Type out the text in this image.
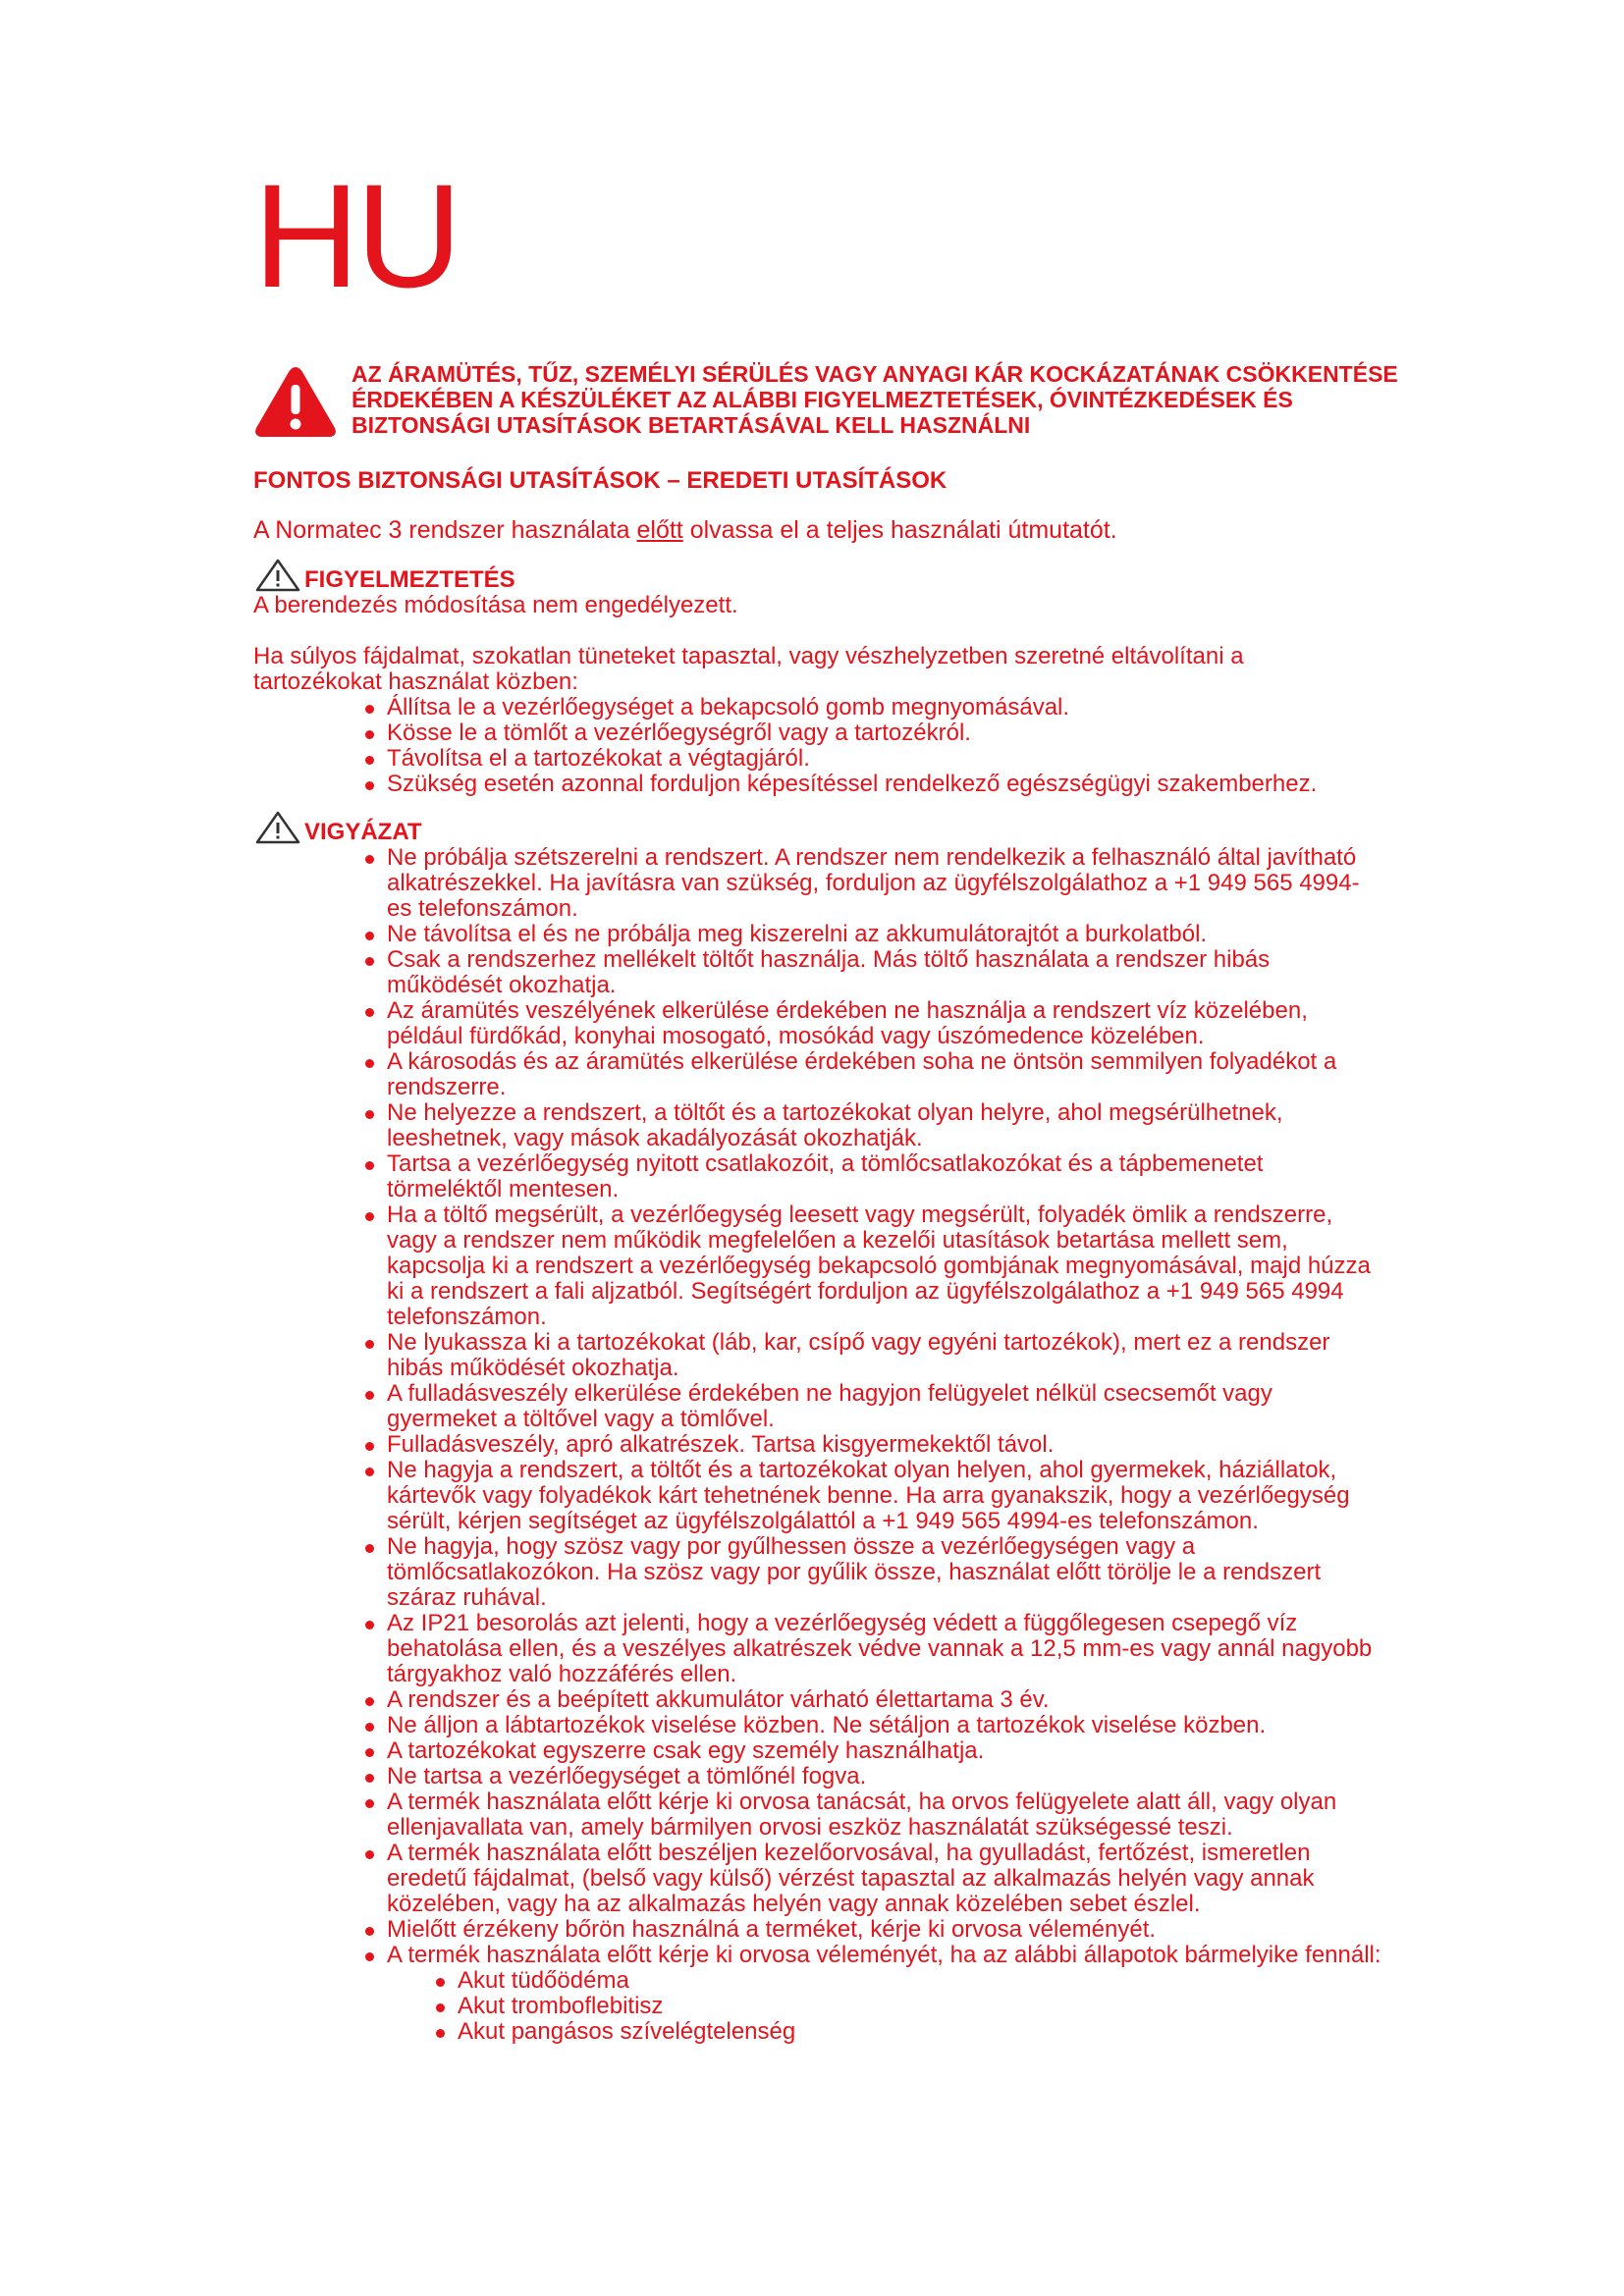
HU
AZ ÁRAMÜTÉS, TŰZ, SZEMÉLYI SÉRÜLÉS VAGY ANYAGI KÁR KOCKÁZATÁNAK CSÖKKENTÉSE ÉRDEKÉBEN A KÉSZÜLÉKET AZ ALÁBBI FIGYELMEZTETÉSEK, ÓVINTÉZKEDÉSEK ÉS BIZTONSÁGI UTASÍTÁSOK BETARTÁSÁVAL KELL HASZNÁLNI
FONTOS BIZTONSÁGI UTASÍTÁSOK – EREDETI UTASÍTÁSOK

A Normatec 3 rendszer használata előtt olvassa el a teljes használati útmutatót.

FIGYELMEZTETÉS

A berendezés módosítása nem engedélyezett.

Ha súlyos fájdalmat, szokatlan tüneteket tapasztal, vagy vészhelyzetben szeretné eltávolítani a tartozékokat használat közben:

Állítsa le a vezérlőegységet a bekapcsoló gomb megnyomásával.
Kösse le a tömlőt a vezérlőegységről vagy a tartozékról.
Távolítsa el a tartozékokat a végtagjáról.
Szükség esetén azonnal forduljon képesítéssel rendelkező egészségügyi szakemberhez.
VIGYÁZAT
Ne próbálja szétszerelni a rendszert. A rendszer nem rendelkezik a felhasználó által javítható alkatrészekkel. Ha javításra van szükség, forduljon az ügyfélszolgálathoz a +1 949 565 4994-es telefonszámon.
Ne távolítsa el és ne próbálja meg kiszerelni az akkumulátorajtót a burkolatból.
Csak a rendszerhez mellékelt töltőt használja. Más töltő használata a rendszer hibás működését okozhatja.
Az áramütés veszélyének elkerülése érdekében ne használja a rendszert víz közelében, például fürdőkád, konyhai mosogató, mosókád vagy úszómedence közelében.
A károsodás és az áramütés elkerülése érdekében soha ne öntsön semmilyen folyadékot a rendszerre.
Ne helyezze a rendszert, a töltőt és a tartozékokat olyan helyre, ahol megsérülhetnek, leeshetnek, vagy mások akadályozását okozhatják.
Tartsa a vezérlőegység nyitott csatlakozóit, a tömlőcsatlakozókat és a tápbemenetet törmeléktől mentesen.
Ha a töltő megsérült, a vezérlőegység leesett vagy megsérült, folyadék ömlik a rendszerre, vagy a rendszer nem működik megfelelően a kezelői utasítások betartása mellett sem, kapcsolja ki a rendszert a vezérlőegység bekapcsoló gombjának megnyomásával, majd húzza ki a rendszert a fali aljzatból. Segítségért forduljon az ügyfélszolgálathoz a +1 949 565 4994 telefonszámon.
Ne lyukassza ki a tartozékokat (láb, kar, csípő vagy egyéni tartozékok), mert ez a rendszer hibás működését okozhatja.
A fulladásveszély elkerülése érdekében ne hagyjon felügyelet nélkül csecsemőt vagy gyermeket a töltővel vagy a tömlővel.
Fulladásveszély, apró alkatrészek. Tartsa kisgyermekektől távol.
Ne hagyja a rendszert, a töltőt és a tartozékokat olyan helyen, ahol gyermekek, háziállatok, kártevők vagy folyadékok kárt tehetnének benne. Ha arra gyanakszik, hogy a vezérlőegység sérült, kérjen segítséget az ügyfélszolgálattól a +1 949 565 4994-es telefonszámon.
Ne hagyja, hogy szösz vagy por gyűlhessen össze a vezérlőegységen vagy a tömlőcsatlakozókon. Ha szösz vagy por gyűlik össze, használat előtt törölje le a rendszert száraz ruhával.
Az IP21 besorolás azt jelenti, hogy a vezérlőegység védett a függőlegesen csepegő víz behatolása ellen, és a veszélyes alkatrészek védve vannak a 12,5 mm-es vagy annál nagyobb tárgyakhoz való hozzáférés ellen.
A rendszer és a beépített akkumulátor várható élettartama 3 év.
Ne álljon a lábtartozékok viselése közben. Ne sétáljon a tartozékok viselése közben.
A tartozékokat egyszerre csak egy személy használhatja.
Ne tartsa a vezérlőegységet a tömlőnél fogva.
A termék használata előtt kérje ki orvosa tanácsát, ha orvos felügyelete alatt áll, vagy olyan ellenjavallata van, amely bármilyen orvosi eszköz használatát szükségessé teszi.
A termék használata előtt beszéljen kezelőorvosával, ha gyulladást, fertőzést, ismeretlen eredetű fájdalmat, (belső vagy külső) vérzést tapasztal az alkalmazás helyén vagy annak közelében, vagy ha az alkalmazás helyén vagy annak közelében sebet észlel.
Mielőtt érzékeny bőrön használná a terméket, kérje ki orvosa véleményét.
A termék használata előtt kérje ki orvosa véleményét, ha az alábbi állapotok bármelyike fennáll:
Akut tüdőödéma
Akut tromboflebitisz
Akut pangásos szívelégtelenség
